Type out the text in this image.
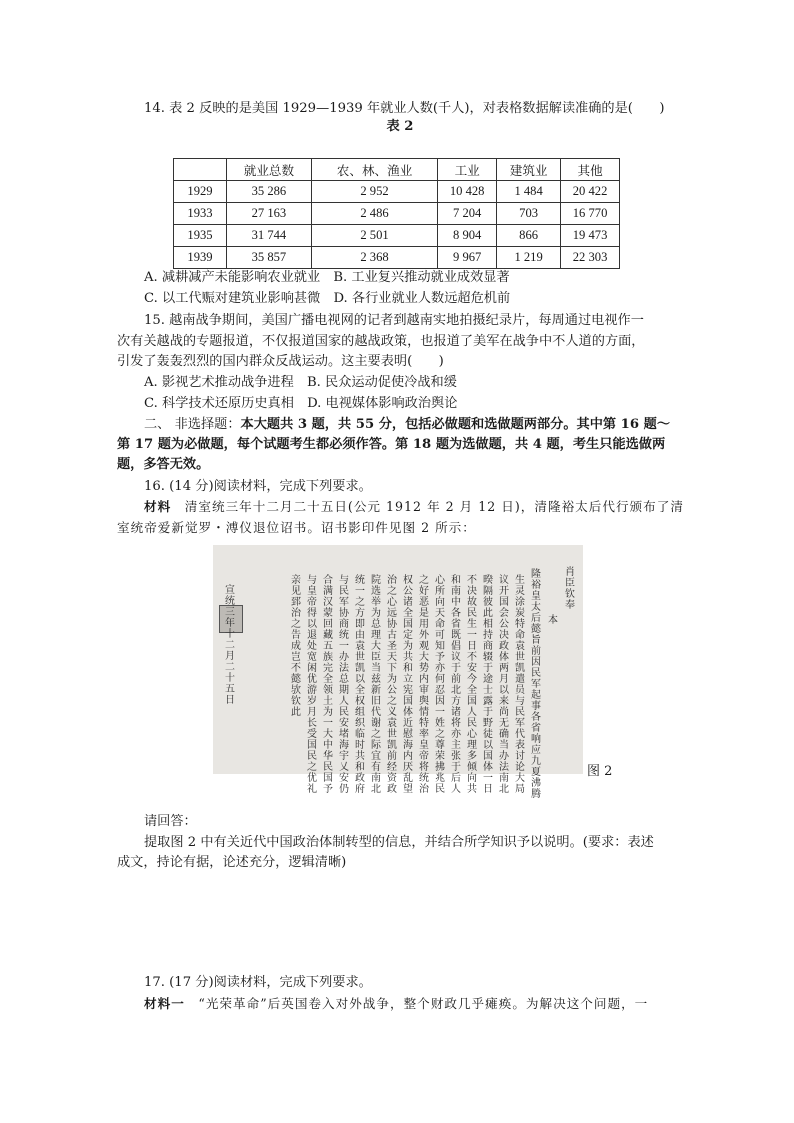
14. 表 2 反映的是美国 1929—1939 年就业人数(千人)，对表格数据解读准确的是(　　)
表 2
	就业总数	农、林、渔业	工业	建筑业	其他
1929	35 286	2 952	10 428	1 484	20 422
1933	27 163	2 486	7 204	703	16 770
1935	31 744	2 501	8 904	866	19 473
1939	35 857	2 368	9 967	1 219	22 303
A. 减耕减产未能影响农业就业　B. 工业复兴推动就业成效显著
C. 以工代赈对建筑业影响甚微　D. 各行业就业人数远超危机前
15. 越南战争期间，美国广播电视网的记者到越南实地拍摄纪录片，每周通过电视作一
次有关越战的专题报道，不仅报道国家的越战政策，也报道了美军在战争中不人道的方面，
引发了轰轰烈烈的国内群众反战运动。这主要表明(　　)
A. 影视艺术推动战争进程　B. 民众运动促使冷战和缓
C. 科学技术还原历史真相　D. 电视媒体影响政治舆论
二、 非选择题：本大题共 3 题，共 55 分，包括必做题和选做题两部分。其中第 16 题～
第 17 题为必做题，每个试题考生都必须作答。第 18 题为选做题，共 4 题，考生只能选做两
题，多答无效。
16. (14 分)阅读材料，完成下列要求。
材料　 清室统三年十二月二十五日(公元 1912 年 2 月 12 日)，清隆裕太后代行颁布了清
室统帝爱新觉罗・溥仪退位诏书。诏书影印件见图 2 所示：
本
肖臣钦奉
隆裕皇太后懿旨前因民军起事各省响应九夏沸腾
生灵涂炭特命袁世凯遣员与民军代表讨论大局
议开国会公决政体两月以来尚无确当办法南北
暌隔彼此相持商辍于途士露于野徒以国体一日
不决故民生一日不安今全国人民心理多倾向共
和南中各省既倡议于前北方诸将亦主张于后人
心所向天命可知予亦何忍因一姓之尊荣拂兆民
之好恶是用外观大势内审舆情特率皇帝将统治
权公诸全国定为共和立宪国体近慰海内厌乱望
治之心远协古圣天下为公之义袁世凯前经资政
院选举为总理大臣当兹新旧代谢之际宜有南北
统一之方即由袁世凯以全权组织临时共和政府
与民军协商统一办法总期人民安堵海宇乂安仍
合满汉蒙回藏五族完全领土为一大中华民国予
与皇帝得以退处宽闲优游岁月长受国民之优礼
亲见郅治之告成岂不懿欤钦此
宣统三年十二月二十五日
图 2
请回答：
提取图 2 中有关近代中国政治体制转型的信息，并结合所学知识予以说明。(要求：表述
成文，持论有据，论述充分，逻辑清晰)
17. (17 分)阅读材料，完成下列要求。
材料一　 “光荣革命”后英国卷入对外战争，整个财政几乎瘫痪。为解决这个问题，一
